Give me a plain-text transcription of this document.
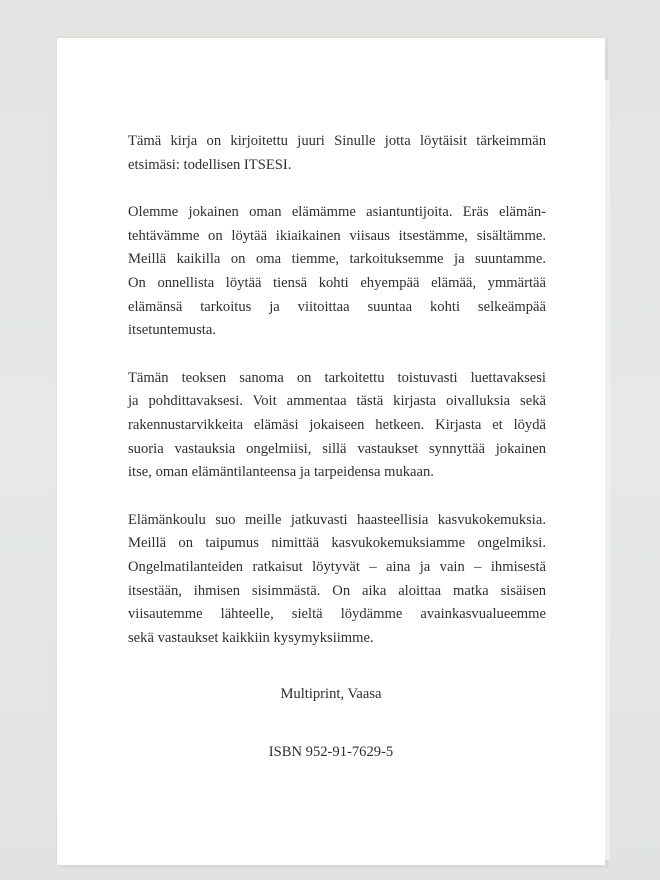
Tämä kirja on kirjoitettu juuri Sinulle jotta löytäisit tärkeimmän
etsimäsi: todellisen ITSESI.

Olemme jokainen oman elämämme asiantuntijoita. Eräs elämän-
tehtävämme on löytää ikiaikainen viisaus itsestämme, sisältämme.
Meillä kaikilla on oma tiemme, tarkoituksemme ja suuntamme.
On onnellista löytää tiensä kohti ehyempää elämää, ymmärtää
elämänsä tarkoitus ja viitoittaa suuntaa kohti selkeämpää
itsetuntemusta.

Tämän teoksen sanoma on tarkoitettu toistuvasti luettavaksesi
ja pohdittavaksesi. Voit ammentaa tästä kirjasta oivalluksia sekä
rakennustarvikkeita elämäsi jokaiseen hetkeen. Kirjasta et löydä
suoria vastauksia ongelmiisi, sillä vastaukset synnyttää jokainen
itse, oman elämäntilanteensa ja tarpeidensa mukaan.

Elämänkoulu suo meille jatkuvasti haasteellisia kasvukokemuksia.
Meillä on taipumus nimittää kasvukokemuksiamme ongelmiksi.
Ongelmatilanteiden ratkaisut löytyvät – aina ja vain – ihmisestä
itsestään, ihmisen sisimmästä. On aika aloittaa matka sisäisen
viisautemme lähteelle, sieltä löydämme avainkasvualueemme
sekä vastaukset kaikkiin kysymyksiimme.

Multiprint, Vaasa
ISBN 952-91-7629-5
